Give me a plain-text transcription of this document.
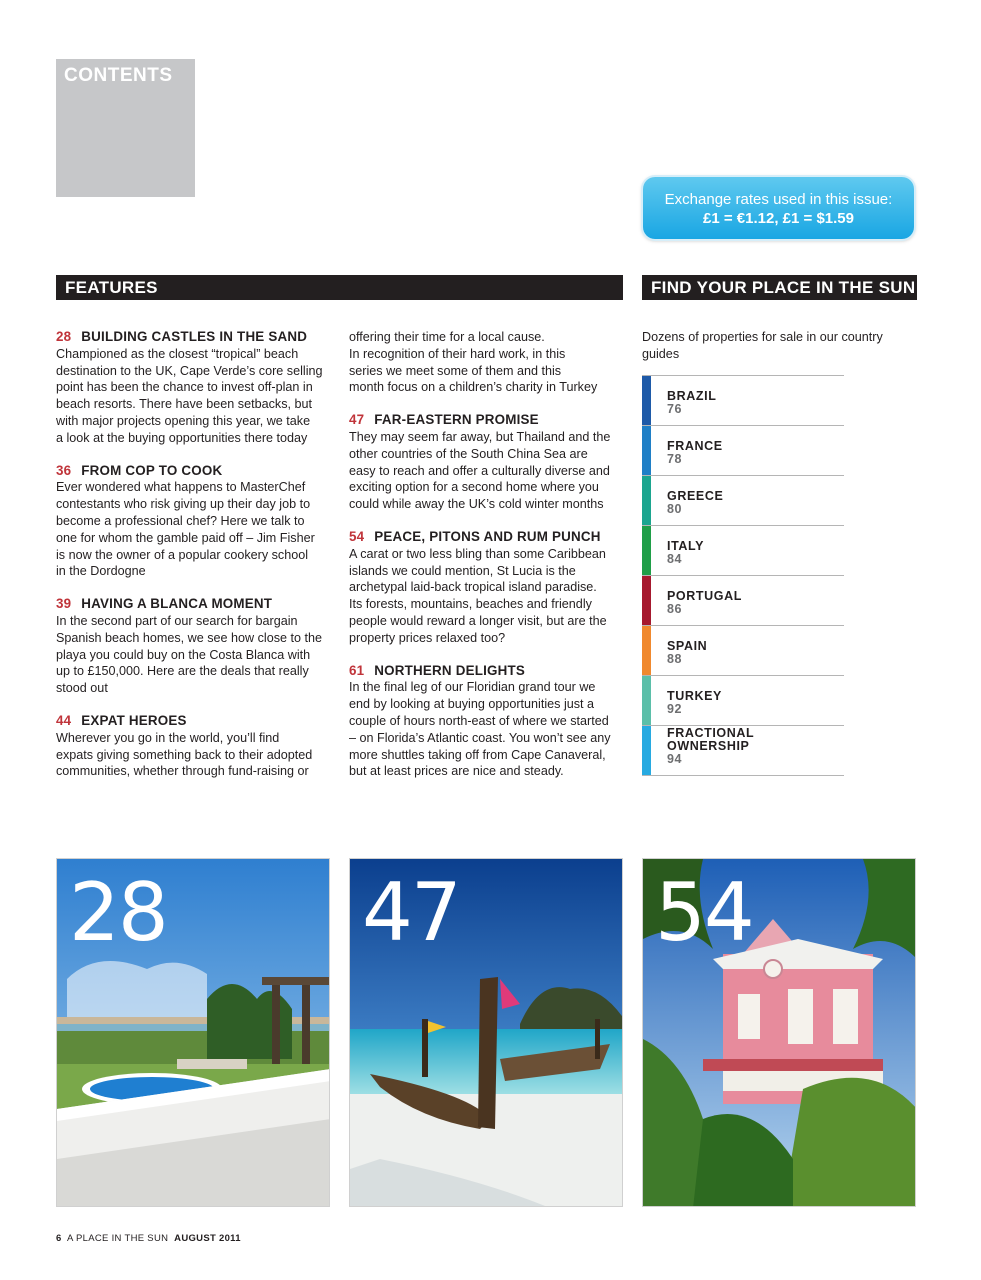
CONTENTS
Exchange rates used in this issue:
£1 = €1.12, £1 = $1.59
FEATURES	FIND YOUR PLACE IN THE SUN
28 BUILDING CASTLES IN THE SAND

Championed as the closest “tropical” beach
destination to the UK, Cape Verde’s core selling
point has been the chance to invest off-plan in
beach resorts. There have been setbacks, but
with major projects opening this year, we take
a look at the buying opportunities there today

36 FROM COP TO COOK

Ever wondered what happens to MasterChef
contestants who risk giving up their day job to
become a professional chef? Here we talk to
one for whom the gamble paid off – Jim Fisher
is now the owner of a popular cookery school
in the Dordogne

39 HAVING A BLANCA MOMENT

In the second part of our search for bargain
Spanish beach homes, we see how close to the
playa you could buy on the Costa Blanca with
up to £150,000. Here are the deals that really
stood out

44 EXPAT HEROES

Wherever you go in the world, you’ll find
expats giving something back to their adopted
communities, whether through fund-raising or

offering their time for a local cause.
In recognition of their hard work, in this
series we meet some of them and this
month focus on a children’s charity in Turkey

47 FAR-EASTERN PROMISE

They may seem far away, but Thailand and the
other countries of the South China Sea are
easy to reach and offer a culturally diverse and
exciting option for a second home where you
could while away the UK’s cold winter months

54 PEACE, PITONS AND RUM PUNCH

A carat or two less bling than some Caribbean
islands we could mention, St Lucia is the
archetypal laid-back tropical island paradise.
Its forests, mountains, beaches and friendly
people would reward a longer visit, but are the
property prices relaxed too?

61 NORTHERN DELIGHTS

In the final leg of our Floridian grand tour we
end by looking at buying opportunities just a
couple of hours north-east of where we started
– on Florida’s Atlantic coast. You won’t see any
more shuttles taking off from Cape Canaveral,
but at least prices are nice and steady.

Dozens of properties for sale in our country guides
BRAZIL
76
FRANCE
78
GREECE
80
ITALY
84
PORTUGAL
86
SPAIN
88
TURKEY
92
FRACTIONAL
OWNERSHIP
94
28 47 54
6 A PLACE IN THE SUN AUGUST 2011
